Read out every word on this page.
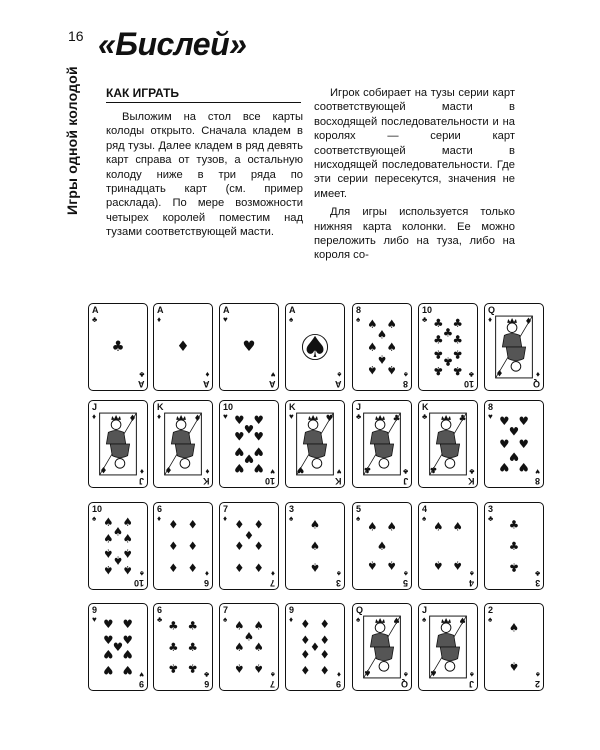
16
Игры одной колодой
«Бислей»
КАК ИГРАТЬ

Выложим на стол все карты колоды открыто. Сначала кладем в ряд тузы. Далее кладем в ряд девять карт справа от тузов, а остальную колоду ниже в три ряда по тринадцать карт (см. пример расклада). По мере возможности четырех королей поместим над тузами соответствующей масти.

Игрок собирает на тузы серии карт соответствующей масти в восходящей последовательности и на королях — серии карт соответствующей масти в нисходящей последовательности. Где эти серии пересекутся, значения не имеет.

Для игры используется только нижняя карта колонки. Ее можно переложить либо на туза, либо на короля со-

♣
A
♣
A
♣
♦
A
♦
A
♦
♥
A
♥
A
♥
♠
A
♠
A
♠
♠ ♠
♠
♠ ♠
♠
♠ ♠
8
♠
8
♠
♣ ♣
♣
♣ ♣
♣ ♣
♣
♣ ♣
10
♣
10
♣
♦
♦
Q
♦
Q
♦
♦
♦
J
♦
J
♦
♦
♦
K
♦
K
♦
♥ ♥
♥
♥ ♥
♥ ♥
♥
♥ ♥
10
♥
10
♥
♥
♥
K
♥
K
♥
♣
♣
J
♣
J
♣
♣
♣
K
♣
K
♣
♥ ♥
♥
♥ ♥
♥
♥ ♥
8
♥
8
♥
♠ ♠
♠
♠ ♠
♠ ♠
♠
♠ ♠
10
♠
10
♠
♦ ♦
♦ ♦
♦ ♦
6
♦
6
♦
♦ ♦
♦
♦ ♦
♦ ♦
7
♦
7
♦
♠
♠
♠
3
♠
3
♠
♠ ♠
♠
♠ ♠
5
♠
5
♠
♠ ♠
♠ ♠
4
♠
4
♠
♣
♣
♣
3
♣
3
♣
♥ ♥
♥ ♥
♥
♥ ♥
♥ ♥
9
♥
9
♥
♣ ♣
♣ ♣
♣ ♣
6
♣
6
♣
♠ ♠
♠
♠ ♠
♠ ♠
7
♠
7
♠
♦ ♦
♦ ♦
♦
♦ ♦
♦ ♦
9
♦
9
♦
♠
♠
Q
♠
Q
♠
♠
♠
J
♠
J
♠
♠
♠
2
♠
2
♠
